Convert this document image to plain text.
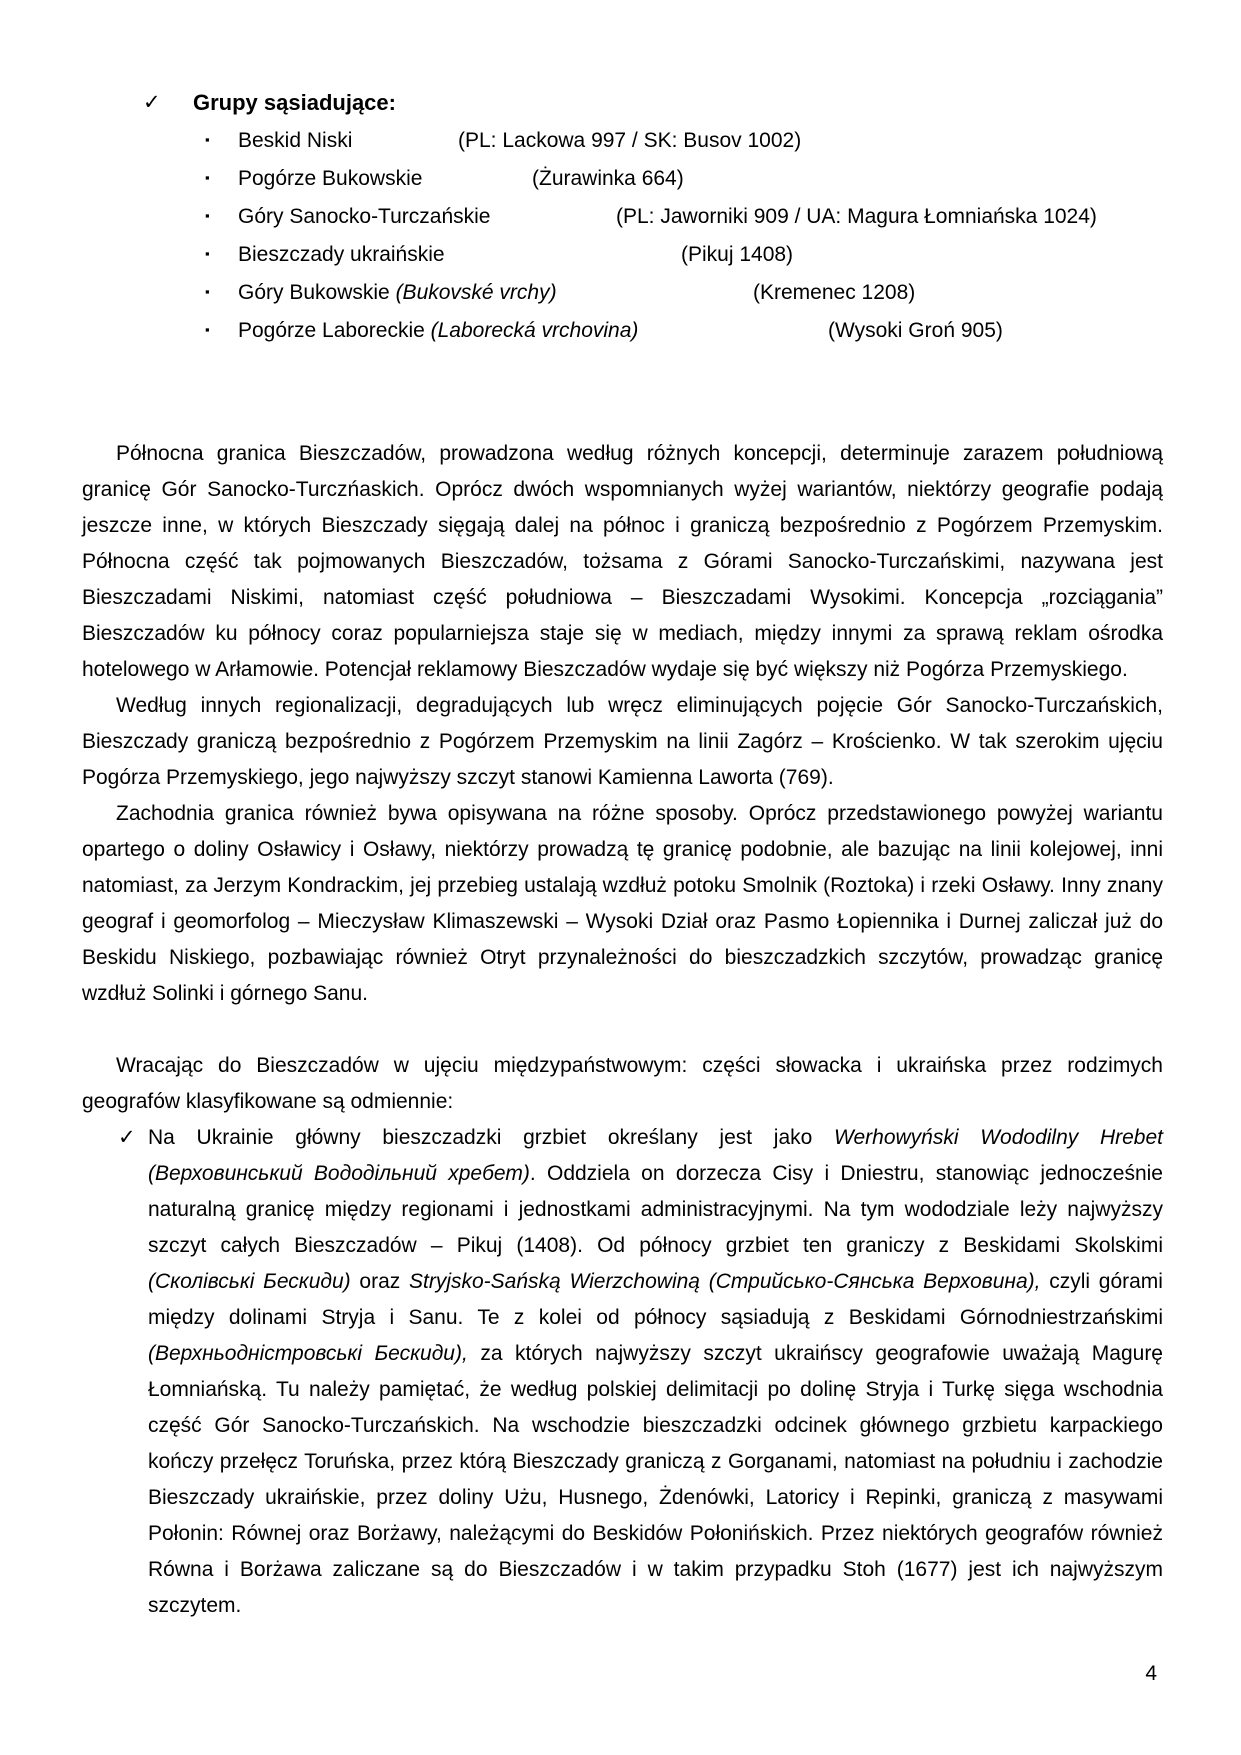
✓ Grupy sąsiadujące:
▪ Beskid Niski	(PL: Lackowa 997 / SK: Busov 1002)
▪ Pogórze Bukowskie	(Żurawinka 664)
▪ Góry Sanocko-Turczańskie	(PL: Jaworniki 909 / UA: Magura Łomniańska 1024)
▪ Bieszczady ukraińskie	(Pikuj 1408)
▪ Góry Bukowskie (Bukovské vrchy)	(Kremenec 1208)
▪ Pogórze Laboreckie (Laborecká vrchovina)	(Wysoki Groń 905)

Północna granica Bieszczadów, prowadzona według różnych koncepcji, determinuje zarazem południową granicę Gór Sanocko-Turczńaskich. Oprócz dwóch wspomnianych wyżej wariantów, niektórzy geografie podają jeszcze inne, w których Bieszczady sięgają dalej na północ i graniczą bezpośrednio z Pogórzem Przemyskim. Północna część tak pojmowanych Bieszczadów, tożsama z Górami Sanocko-Turczańskimi, nazywana jest Bieszczadami Niskimi, natomiast część południowa – Bieszczadami Wysokimi. Koncepcja „rozciągania” Bieszczadów ku północy coraz popularniejsza staje się w mediach, między innymi za sprawą reklam ośrodka hotelowego w Arłamowie. Potencjał reklamowy Bieszczadów wydaje się być większy niż Pogórza Przemyskiego.

Według innych regionalizacji, degradujących lub wręcz eliminujących pojęcie Gór Sanocko-Turczańskich, Bieszczady graniczą bezpośrednio z Pogórzem Przemyskim na linii Zagórz – Krościenko. W tak szerokim ujęciu Pogórza Przemyskiego, jego najwyższy szczyt stanowi Kamienna Laworta (769).

Zachodnia granica również bywa opisywana na różne sposoby. Oprócz przedstawionego powyżej wariantu opartego o doliny Osławicy i Osławy, niektórzy prowadzą tę granicę podobnie, ale bazując na linii kolejowej, inni natomiast, za Jerzym Kondrackim, jej przebieg ustalają wzdłuż potoku Smolnik (Roztoka) i rzeki Osławy. Inny znany geograf i geomorfolog – Mieczysław Klimaszewski – Wysoki Dział oraz Pasmo Łopiennika i Durnej zaliczał już do Beskidu Niskiego, pozbawiając również Otryt przynależności do bieszczadzkich szczytów, prowadząc granicę wzdłuż Solinki i górnego Sanu.

Wracając do Bieszczadów w ujęciu międzypaństwowym: części słowacka i ukraińska przez rodzimych geografów klasyfikowane są odmiennie:

✓ Na Ukrainie główny bieszczadzki grzbiet określany jest jako Werhowyński Wododilny Hrebet (Верховинський Вододільний хребет). Oddziela on dorzecza Cisy i Dniestru, stanowiąc jednocześnie naturalną granicę między regionami i jednostkami administracyjnymi. Na tym wododziale leży najwyższy szczyt całych Bieszczadów – Pikuj (1408). Od północy grzbiet ten graniczy z Beskidami Skolskimi (Сколівські Бескиди) oraz Stryjsko-Sańską Wierzchowiną (Стрийсько-Сянська Верховина), czyli górami między dolinami Stryja i Sanu. Te z kolei od północy sąsiadują z Beskidami Górnodniestrzańskimi (Верхньодністровські Бескиди), za których najwyższy szczyt ukraińscy geografowie uważają Magurę Łomniańską. Tu należy pamiętać, że według polskiej delimitacji po dolinę Stryja i Turkę sięga wschodnia część Gór Sanocko-Turczańskich. Na wschodzie bieszczadzki odcinek głównego grzbietu karpackiego kończy przełęcz Toruńska, przez którą Bieszczady graniczą z Gorganami, natomiast na południu i zachodzie Bieszczady ukraińskie, przez doliny Użu, Husnego, Żdenówki, Latoricy i Repinki, graniczą z masywami Połonin: Równej oraz Borżawy, należącymi do Beskidów Połonińskich. Przez niektórych geografów również Równa i Borżawa zaliczane są do Bieszczadów i w takim przypadku Stoh (1677) jest ich najwyższym szczytem.
4
